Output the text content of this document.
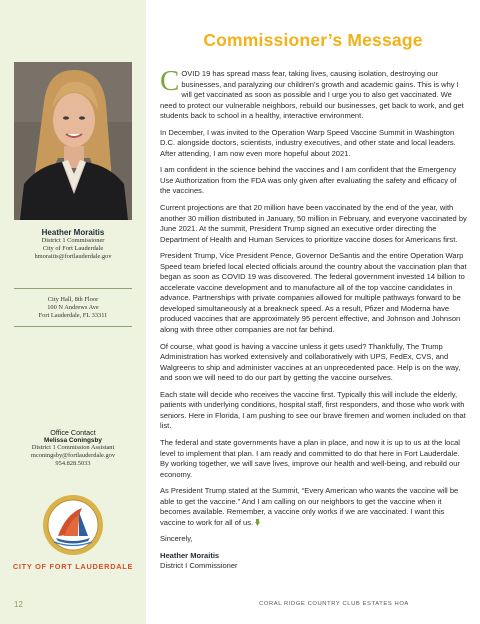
Heather Moraitis
District 1 Commissioner
City of Fort Lauderdale
hmoraitis@fortlauderdale.gov
City Hall, 8th Floor
100 N Andrews Ave
Fort Lauderdale, FL 33311
Office Contact
Melissa Coningsby
District 1 Commission Assistant
mconingsby@fortlauderdale.gov
954.828.5033
CITY OF FORT LAUDERDALE
Commissioner’s Message

COVID 19 has spread mass fear, taking lives, causing isolation, destroying our businesses, and paralyzing our children’s growth and academic gains. This is why I will get vaccinated as soon as possible and I urge you to also get vaccinated. We need to protect our vulnerable neighbors, rebuild our businesses, get back to work, and get students back to school in a healthy, interactive environment.

In December, I was invited to the Operation Warp Speed Vaccine Summit in Washington D.C. alongside doctors, scientists, industry executives, and other state and local leaders. After attending, I am now even more hopeful about 2021.

I am confident in the science behind the vaccines and I am confident that the Emergency Use Authorization from the FDA was only given after evaluating the safety and efficacy of the vaccines.

Current projections are that 20 million have been vaccinated by the end of the year, with another 30 million distributed in January, 50 million in February, and everyone vaccinated by June 2021. At the summit, President Trump signed an executive order directing the Department of Health and Human Services to prioritize vaccine doses for Americans first.

President Trump, Vice President Pence, Governor DeSantis and the entire Operation Warp Speed team briefed local elected officials around the country about the vaccination plan that began as soon as COVID 19 was discovered. The federal government invested 14 billion to accelerate vaccine development and to manufacture all of the top vaccine candidates in advance. Partnerships with private companies allowed for multiple pathways forward to be developed simultaneously at a breakneck speed. As a result, Pfizer and Moderna have produced vaccines that are approximately 95 percent effective, and Johnson and Johnson along with three other companies are not far behind.

Of course, what good is having a vaccine unless it gets used? Thankfully, The Trump Administration has worked extensively and collaboratively with UPS, FedEx, CVS, and Walgreens to ship and administer vaccines at an unprecedented pace. Help is on the way, and soon we will need to do our part by getting the vaccine ourselves.

Each state will decide who receives the vaccine first. Typically this will include the elderly, patients with underlying conditions, hospital staff, first responders, and those who work with seniors. Here in Florida, I am pushing to see our brave firemen and women included on that list.

The federal and state governments have a plan in place, and now it is up to us at the local level to implement that plan. I am ready and committed to do that here in Fort Lauderdale. By working together, we will save lives, improve our health and well-being, and rebuild our economy.

As President Trump stated at the Summit, “Every American who wants the vaccine will be able to get the vaccine.” And I am calling on our neighbors to get the vaccine when it becomes available. Remember, a vaccine only works if we are vaccinated. I want this vaccine to work for all of us.

Sincerely,

Heather Moraitis
District I Commissioner
12	CORAL RIDGE COUNTRY CLUB ESTATES HOA
